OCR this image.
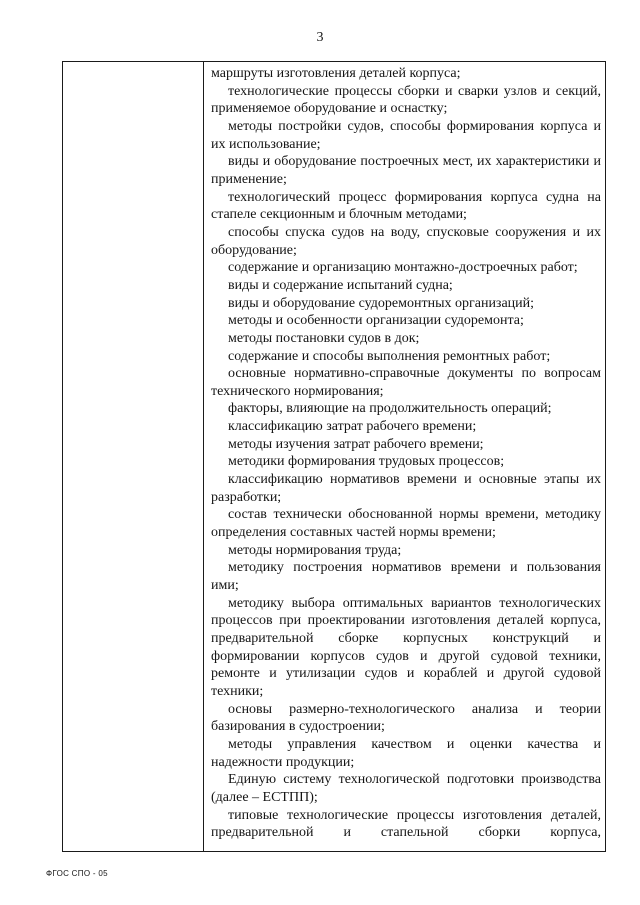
3

маршруты изготовления деталей корпуса;

технологические процессы сборки и сварки узлов и секций, применяемое оборудование и оснастку;

методы постройки судов, способы формирования корпуса и их использование;

виды и оборудование построечных мест, их характеристики и применение;

технологический процесс формирования корпуса судна на стапеле секционным и блочным методами;

способы спуска судов на воду, спусковые сооружения и их оборудование;

содержание и организацию монтажно-достроечных работ;

виды и содержание испытаний судна;

виды и оборудование судоремонтных организаций;

методы и особенности организации судоремонта;

методы постановки судов в док;

содержание и способы выполнения ремонтных работ;

основные нормативно-справочные документы по вопросам технического нормирования;

факторы, влияющие на продолжительность операций;

классификацию затрат рабочего времени;

методы изучения затрат рабочего времени;

методики формирования трудовых процессов;

классификацию нормативов времени и основные этапы их разработки;

состав технически обоснованной нормы времени, методику определения составных частей нормы времени;

методы нормирования труда;

методику построения нормативов времени и пользования ими;

методику выбора оптимальных вариантов технологических процессов при проектировании изготовления деталей корпуса, предварительной сборке корпусных конструкций и формировании корпусов судов и другой судовой техники, ремонте и утилизации судов и кораблей и другой судовой техники;

основы размерно-технологического анализа и теории базирования в судостроении;

методы управления качеством и оценки качества и надежности продукции;

Единую систему технологической подготовки производства (далее – ЕСТПП);

типовые технологические процессы изготовления деталей, предварительной и стапельной сборки корпуса,

ФГОС СПО - 05
